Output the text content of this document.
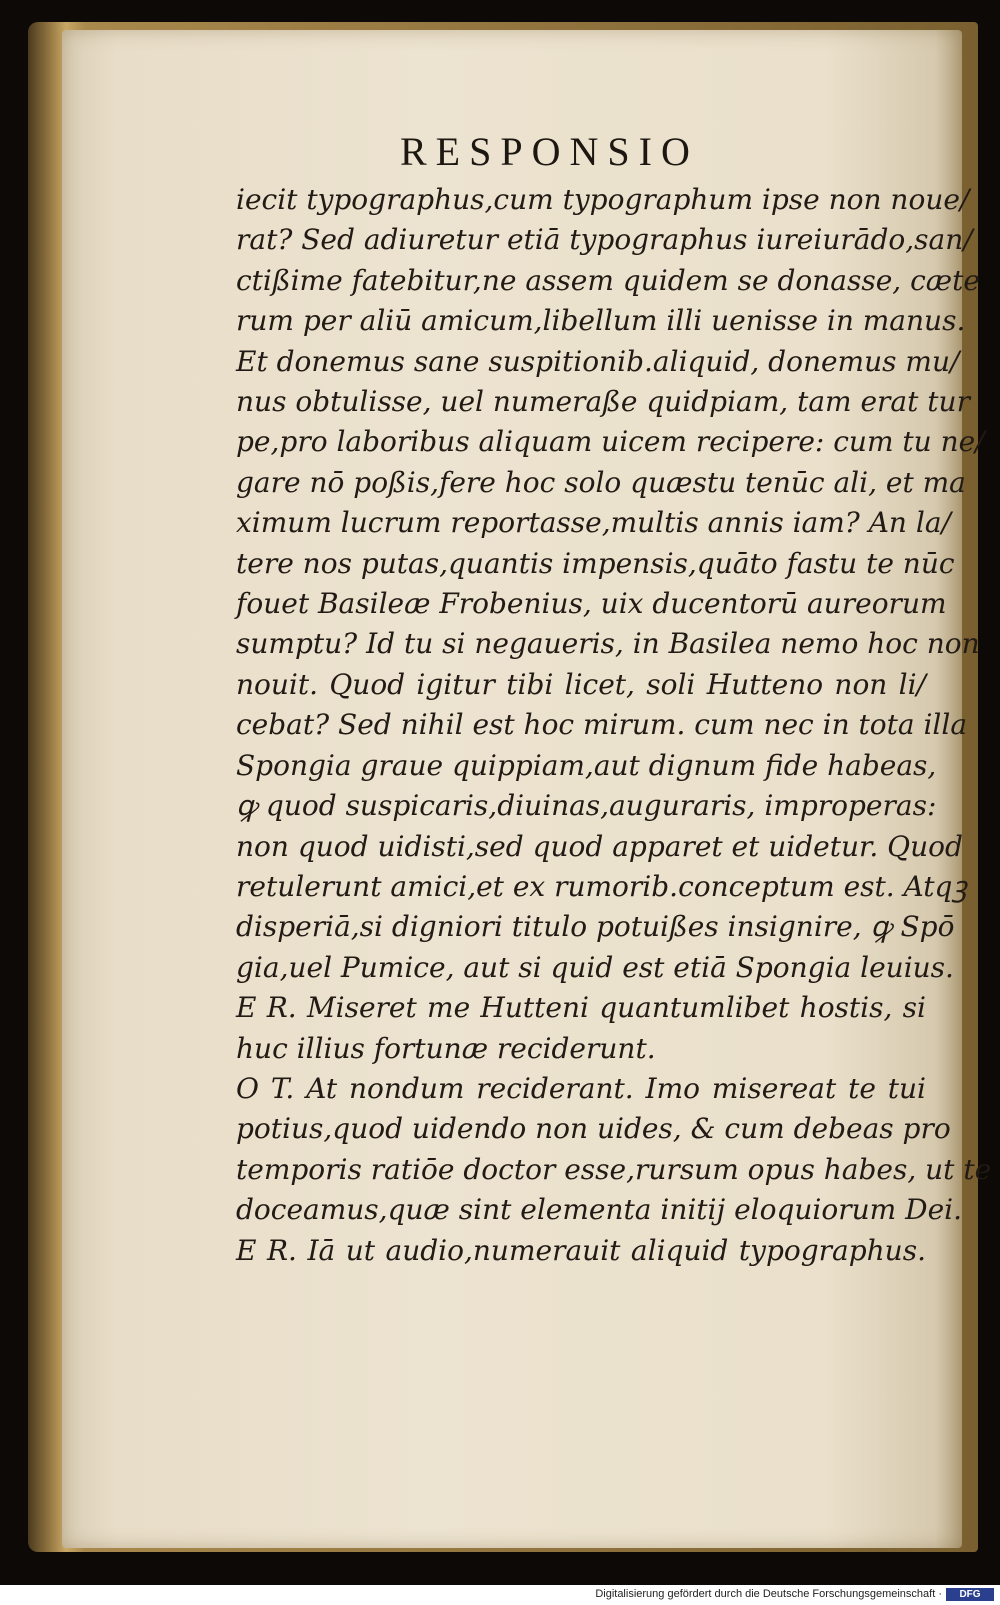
RESPONSIO
iecit typographus,cum typographum ipse non noue/
rat? Sed adiuretur etiā typographus iureiurādo,san/
ctißime fatebitur,ne assem quidem se donasse, cæte
rum per aliū amicum,libellum illi uenisse in manus.
Et donemus sane suspitionib.aliquid, donemus mu/
nus obtulisse, uel numeraße quidpiam, tam erat tur
pe,pro laboribus aliquam uicem recipere: cum tu ne/
gare nō poßis,fere hoc solo quæstu tenūc ali, et ma
ximum lucrum reportasse,multis annis iam? An la/
tere nos putas,quantis impensis,quāto fastu te nūc
fouet Basileæ Frobenius, uix ducentorū aureorum
sumptu? Id tu si negaueris, in Basilea nemo hoc non
nouit. Quod igitur tibi licet, soli Hutteno non li/
cebat? Sed nihil est hoc mirum. cum nec in tota illa
Spongia graue quippiam,aut dignum fide habeas,
ꝙ quod suspicaris,diuinas,auguraris, improperas:
non quod uidisti,sed quod apparet et uidetur. Quod
retulerunt amici,et ex rumorib.conceptum est. Atqꝫ
disperiā,si digniori titulo potuißes insignire, ꝙ Spō
gia,uel Pumice, aut si quid est etiā Spongia leuius.
E R. Miseret me Hutteni quantumlibet hostis, si
huc illius fortunæ reciderunt.
O T. At nondum reciderant. Imo misereat te tui
potius,quod uidendo non uides, & cum debeas pro
temporis ratiōe doctor esse,rursum opus habes, ut te
doceamus,quæ sint elementa initij eloquiorum Dei.
E R. Iā ut audio,numerauit aliquid typographus.
Digitalisierung gefördert durch die Deutsche Forschungsgemeinschaft ·	DFG
